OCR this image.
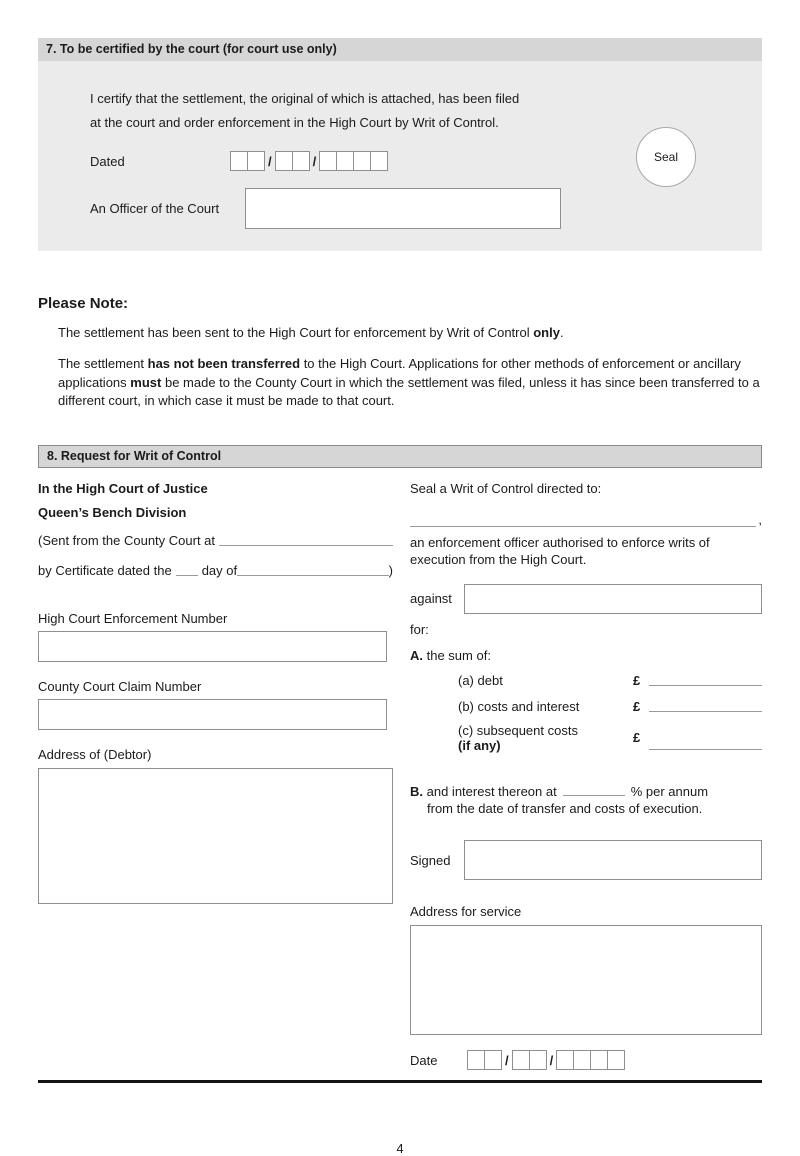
7. To be certified by the court (for court use only)
I certify that the settlement, the original of which is attached, has been filed
at the court and order enforcement in the High Court by Writ of Control.
Dated	/	/
An Officer of the Court
Seal
Please Note:

The settlement has been sent to the High Court for enforcement by Writ of Control only.

The settlement has not been transferred to the High Court. Applications for other methods of enforcement or ancillary applications must be made to the County Court in which the settlement was filed, unless it has since been transferred to a different court, in which case it must be made to that court.

8. Request for Writ of Control
In the High Court of Justice
Queen’s Bench Division
(Sent from the County Court at
by Certificate dated the day of	)
High Court Enforcement Number
County Court Claim Number
Address of (Debtor)
Seal a Writ of Control directed to:
,
an enforcement officer authorised to enforce writs of execution from the High Court.
against
for:
A. the sum of:
(a) debt	£
(b) costs and interest	£
(c) subsequent costs
(if any)	£
B. and interest thereon at	% per annum
from the date of transfer and costs of execution.
Signed
Address for service
Date	/	/
4
